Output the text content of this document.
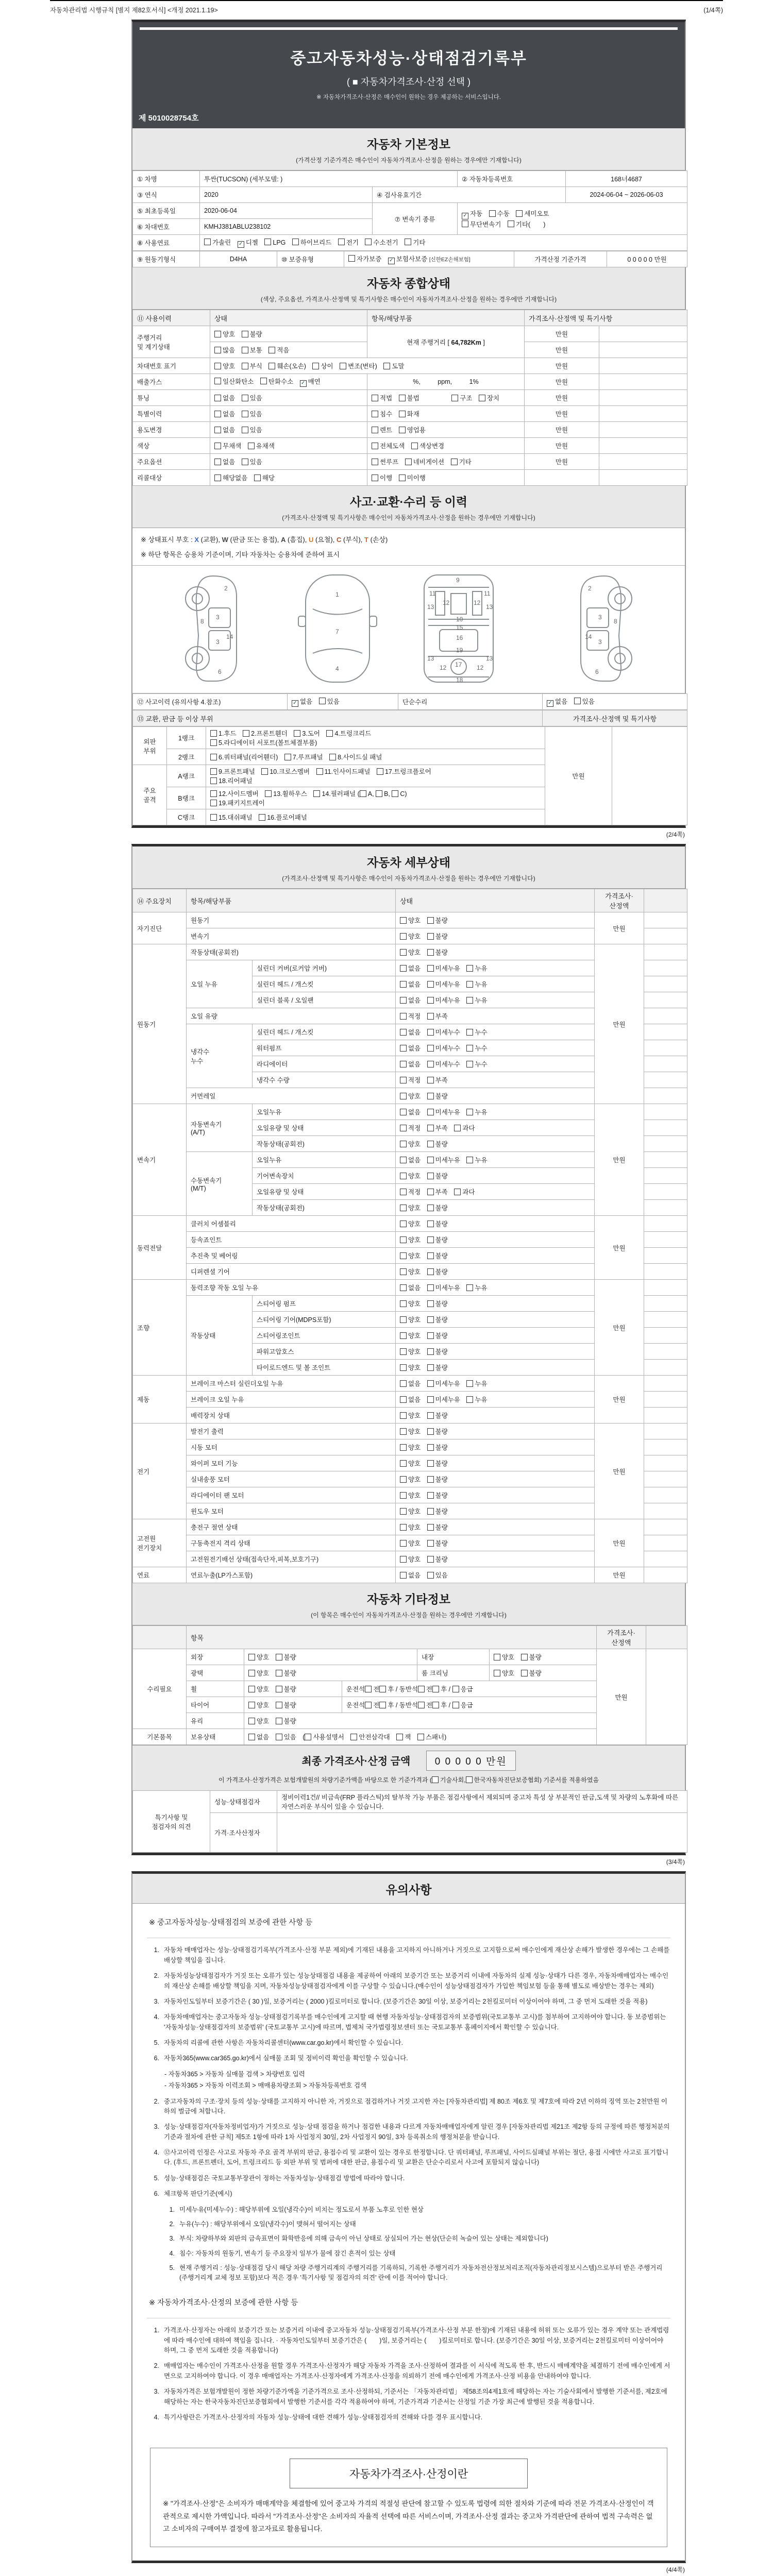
자동차관리법 시행규칙 [별지 제82호서식] <개정 2021.1.19>	(1/4쪽)
중고자동차성능·상태점검기록부
( ■ 자동차가격조사·산정 선택 )
※ 자동차가격조사·산정은 매수인이 원하는 경우 제공하는 서비스입니다.
제 5010028754호
자동차 기본정보
(가격산정 기준가격은 매수인이 자동차가격조사·산정을 원하는 경우에만 기재합니다)
① 차명	투싼(TUCSON) (세부모델: )		② 자동차등록번호	168너4687
③ 연식	2020	④ 검사유효기간		2024-06-04 ~ 2026-06-03
⑤ 최초등록일	2020-06-04	⑦ 변속기 종류	✓ 자동　수동　세미오토
무단변속기　기타(　　)	

⑥ 차대번호	KMHJ381ABLU238102			
⑧ 사용연료	가솔린　✓ 디젤　LPG　하이브리드　전기　수소전기　기타			
⑨ 원동기형식	D4HA	⑩ 보증유형	자가보증　✓ 보험사보증 [신한EZ손해보험]	가격산정 기준가격	0 0 0 0 0 만원
자동차 종합상태
(색상, 주요옵션, 가격조사·산정액 및 특기사항은 매수인이 자동차가격조사·산정을 원하는 경우에만 기재합니다)
⑪ 사용이력	상태	항목/해당부품	가격조사·산정액 및 특기사항	
주행거리
및 계기상태	양호　불량	현재 주행거리 [ 64,782Km ]	만원	
	많음　보통　적음		만원	
차대번호 표기	양호　부식　훼손(오손)　상이　변조(변타)　도말		만원	
배출가스	일산화탄소　탄화수소　✓ 매연	%, ppm, 1%	만원	
튜닝	없음　있음	적법　불법　　　　　구조　장치	만원	
특별이력	없음　있음	침수　화재	만원	
용도변경	없음　있음	렌트　영업용	만원	
색상	무채색　유채색	전체도색　색상변경	만원	
주요옵션	없음　있음	썬루프　네비게이션　기타	만원	
리콜대상	해당없음　해당	이행　미이행		
사고·교환·수리 등 이력
(가격조사·산정액 및 특기사항은 매수인이 자동차가격조사·산정을 원하는 경우에만 기재합니다)
※ 상태표시 부호 : X (교환), W (판금 또는 용접), A (흠집), U (요철), C (부식), T (손상)
※ 하단 항목은 승용차 기준이며, 기타 자동차는 승용차에 준하여 표시
2
8
3
14
3
6
1
7
4
11	11
13	13
12	12
9
10
15
16
19
13	13
12	12
17
18
2
8
3
14
3
6
⑫ 사고이력 (유의사항 4.참조)	✓ 없음　있음	단순수리	✓ 없음　있음
⑬ 교환, 판금 등 이상 부위	가격조사·산정액 및 특기사항
외판
부위	1랭크	1.후드　2.프론트휀더　3.도어　4.트렁크리드
5.라디에이터 서포트(볼트체결부품)	만원	
	2랭크	6.쿼터패널(리어휀더)　7.루프패널　8.사이드실 패널		
주요
골격	A랭크	9.프론트패널　10.크로스멤버　11.인사이드패널　17.트렁크플로어
18.리어패널		
	B랭크	12.사이드멤버　13.휠하우스　14.필러패널 ( A, B, C)
19.패키지트레이		
	C랭크	15.대쉬패널　16.플로어패널		
(2/4쪽)
자동차 세부상태
(가격조사·산정액 및 특기사항은 매수인이 자동차가격조사·산정을 원하는 경우에만 기재합니다)
⑭ 주요장치	항목/해당부품		상태	가격조사·산정액	
자기진단	원동기		양호　불량	만원	
	변속기		양호　불량		
원동기	작동상태(공회전)		양호　불량	만원	
	오일 누유	실린더 커버(로커암 커버)	없음　미세누유　누유		
		실린더 헤드 / 개스킷	없음　미세누유　누유		
		실린더 블록 / 오일팬	없음　미세누유　누유		
	오일 유량		적정　부족		
	냉각수
누수	실린더 헤드 / 개스킷	없음　미세누수　누수		
		워터펌프	없음　미세누수　누수		
		라디에이터	없음　미세누수　누수		
		냉각수 수량	적정　부족		
	커먼레일		양호　불량		
변속기	자동변속기
(A/T)	오일누유	없음　미세누유　누유	만원	
		오일유량 및 상태	적정　부족　과다		
		작동상태(공회전)	양호　불량		
	수동변속기
(M/T)	오일누유	없음　미세누유　누유		
		기어변속장치	양호　불량		
		오일유량 및 상태	적정　부족　과다		
		작동상태(공회전)	양호　불량		
동력전달	클러치 어셈블리		양호　불량	만원	
	등속죠인트		양호　불량		
	추진축 및 베어링		양호　불량		
	디퍼렌셜 기어		양호　불량		
조향	동력조향 작동 오일 누유		없음　미세누유　누유	만원	
	작동상태	스티어링 펌프	양호　불량		
		스티어링 기어(MDPS포함)	양호　불량		
		스티어링조인트	양호　불량		
		파워고압호스	양호　불량		
		타이로드엔드 및 볼 조인트	양호　불량		
제동	브레이크 마스터 실린더오일 누유		없음　미세누유　누유	만원	
	브레이크 오일 누유		없음　미세누유　누유		
	배력장치 상태		양호　불량		
전기	발전기 출력		양호　불량	만원	
	시동 모터		양호　불량		
	와이퍼 모터 기능		양호　불량		
	실내송풍 모터		양호　불량		
	라디에이터 팬 모터		양호　불량		
	윈도우 모터		양호　불량		
고전원
전기장치	충전구 절연 상태		양호　불량	만원	
	구동축전지 격리 상태		양호　불량		
	고전원전기배선 상태(접속단자,피복,보호기구)		양호　불량		
연료	연료누출(LP가스포함)		없음　있음	만원	
자동차 기타정보
(이 항목은 매수인이 자동차가격조사·산정을 원하는 경우에만 기재합니다)
	항목					가격조사·산정액	
수리필요	외장	양호　불량		내장	양호　불량	만원	
	광택	양호　불량		룸 크리닝	양호　불량		
	휠	양호　불량	운전석 전 후 / 동반석 전 후 / 응급				
	타이어	양호　불량	운전석 전 후 / 동반석 전 후 / 응급				
	유리	양호　불량					
기본품목	보유상태	없음　있음　( 사용설명서　안전삼각대　잭　스패너)					
최종 가격조사·산정 금액 0 0 0 0 0 만원
이 가격조사·산정가격은 보험개발원의 차량기준가액을 바탕으로 한 기준가격과 ( 기술사회, 한국자동차진단보증협회) 기준서를 적용하였음
특기사항 및
점검자의 의견	성능·상태점검자	정비이력1건// 비금속(FRP 플라스틱)의 탈부착 가능 부품은 점검사항에서 제외되며 중고차 특성 상 부분적인 판금,도색 및 차량의 노후화에 따른 자연스러운 부식이 있을 수 있습니다.
	가격·조사산정자	
(3/4쪽)
유의사항
※ 중고자동차성능·상태점검의 보증에 관한 사항 등
1. 자동차 매매업자는 성능·상태점검기록부(가격조사·산정 부분 제외)에 기재된 내용을 고지하지 아니하거나 거짓으로 고지함으로써 매수인에게 재산상 손해가 발생한 경우에는 그 손해를 배상할 책임을 집니다.
2. 자동차성능상태점검자가 거짓 또는 오류가 있는 성능상태점검 내용을 제공하여 아래의 보증기간 또는 보증거리 이내에 자동차의 실제 성능·상태가 다른 경우, 자동차매매업자는 매수인의 재산상 손해를 배상할 책임을 지며, 자동차성능상태점검자에게 이를 구상할 수 있습니다.(매수인이 성능상태점검자가 가입한 책임보험 등을 통해 별도로 배상받는 경우는 제외)
3. 자동차인도일부터 보증기간은 ( 30 )일, 보증거리는 ( 2000 )킬로미터로 합니다. (보증기간은 30일 이상, 보증거리는 2천킬로미터 이상이어야 하며, 그 중 먼저 도래한 것을 적용)
4. 자동차매매업자는 중고자동차 성능·상태점검기록부를 매수인에게 고지할 때 현행 자동차성능·상태점검자의 보증범위(국토교통부 고시)를 첨부하여 고지하여야 합니다. 동 보증범위는 '자동차성능·상태점검자의 보증범위' (국토교통부 고시)에 따르며, 법제처 국가법령정보센터 또는 국토교통부 홈페이지에서 확인할 수 있습니다.
5. 자동차의 리콜에 관한 사항은 자동차리콜센터(www.car.go.kr)에서 확인할 수 있습니다.
6. 자동차365(www.car365.go.kr)에서 실매물 조회 및 정비이력 확인을 확인할 수 있습니다.
- 자동차365 > 자동차 실매물 검색 > 차량번호 입력
- 자동차365 > 자동차 이력조회 > 매매용차량조회 > 자동차등록번호 검색
2. 중고자동차의 구조·장치 등의 성능·상태를 고지하지 아니한 자, 거짓으로 점검하거나 거짓 고지한 자는 [자동차관리법] 제 80조 제6호 및 제7호에 따라 2년 이하의 징역 또는 2천만원 이하의 벌금에 처합니다.
3. 성능·상태점검자(자동차정비업자)가 거짓으로 성능·상태 점검을 하거나 점검한 내용과 다르게 자동차매매업자에게 알린 경우 [자동차관리법 제21조 제2항 등의 규정에 따른 행정처분의 기준과 절차에 관한 규칙] 제5조 1항에 따라 1차 사업정지 30일, 2차 사업정지 90일, 3차 등록취소의 행정처분을 받습니다.
4. ⑫사고이력 인정은 사고로 자동차 주요 골격 부위의 판금, 용접수리 및 교환이 있는 경우로 한정합니다. 단 쿼터패널, 루프패널, 사이드실패널 부위는 절단, 용접 시에만 사고로 표기합니다. (후드, 프론트펜더, 도어, 트렁크리드 등 외판 부위 및 범퍼에 대한 판금, 용접수리 및 교환은 단순수리로서 사고에 포함되지 않습니다)
5. 성능·상태점검은 국토교통부장관이 정하는 자동차성능·상태점검 방법에 따라야 합니다.
6. 체크항목 판단기준(예시)
1. 미세누유(미세누수) : 해당부위에 오일(냉각수)이 비치는 정도로서 부품 노후로 인한 현상
2. 누유(누수) : 해당부위에서 오일(냉각수)이 맺혀서 떨어지는 상태
3. 부식: 차량하부와 외판의 금속표면이 화학반응에 의해 금속이 아닌 상태로 상실되어 가는 현상(단순히 녹슬어 있는 상태는 제외합니다)
4. 침수: 자동차의 원동기, 변속기 등 주요장치 일부가 물에 잠긴 흔적이 있는 상태
5. 현재 주행거리 : 성능·상태점검 당시 해당 차량 주행거리계의 주행거리를 기록하되, 기록한 주행거리가 자동차전산정보처리조직(자동차관리정보시스템)으로부터 받은 주행거리(주행거리계 교체 정보 포함)보다 적은 경우 '특기사항 및 점검자의 의견' 란에 이를 적어야 합니다.
※ 자동차가격조사·산정의 보증에 관한 사항 등
1. 가격조사·산정자는 아래의 보증기간 또는 보증거리 이내에 중고자동차 성능·상태점검기록부(가격조사·산정 부분 한정)에 기재된 내용에 허위 또는 오류가 있는 경우 계약 또는 관계법령에 따라 매수인에 대하여 책임을 집니다. · 자동차인도일부터 보증기간은 (　　)일, 보증거리는 (　　)킬로미터로 합니다. (보증기간은 30일 이상, 보증거리는 2천킬로미터 이상이어야 하며, 그 중 먼저 도래한 것을 적용합니다)
2. 매매업자는 매수인이 가격조사·산정을 원할 경우 가격조사·산정자가 해당 자동차 가격을 조사·산정하여 결과를 이 서식에 적도록 한 후, 반드시 매매계약을 체결하기 전에 매수인에게 서면으로 고지하여야 합니다. 이 경우 매매업자는 가격조사·산정자에게 가격조사·산정을 의뢰하기 전에 매수인에게 가격조사·산정 비용을 안내하여야 합니다.
3. 자동차가격은 보험개발원이 정한 차량기준가액을 기준가격으로 조사·산정하되, 기준서는 「자동차관리법」 제58조의4제1호에 해당하는 자는 기술사회에서 발행한 기준서를, 제2호에 해당하는 자는 한국자동차진단보증협회에서 발행한 기준서를 각각 적용하여야 하며, 기준가격과 기준서는 산정일 기준 가장 최근에 발행된 것을 적용합니다.
4. 특기사항란은 가격조사·산정자의 자동차 성능·상태에 대한 견해가 성능·상태점검자의 견해와 다를 경우 표시합니다.
자동차가격조사·산정이란
※ "가격조사·산정"은 소비자가 매매계약을 체결함에 있어 중고차 가격의 적절성 판단에 참고할 수 있도록 법령에 의한 절차와 기준에 따라 전문 가격조사·산정인이 객관적으로 제시한 가액입니다. 따라서 "가격조사·산정"은 소비자의 자율적 선택에 따른 서비스이며, 가격조사·산정 결과는 중고차 가격판단에 관하여 법적 구속력은 없고 소비자의 구매여부 결정에 참고자료로 활용됩니다.
(4/4쪽)
